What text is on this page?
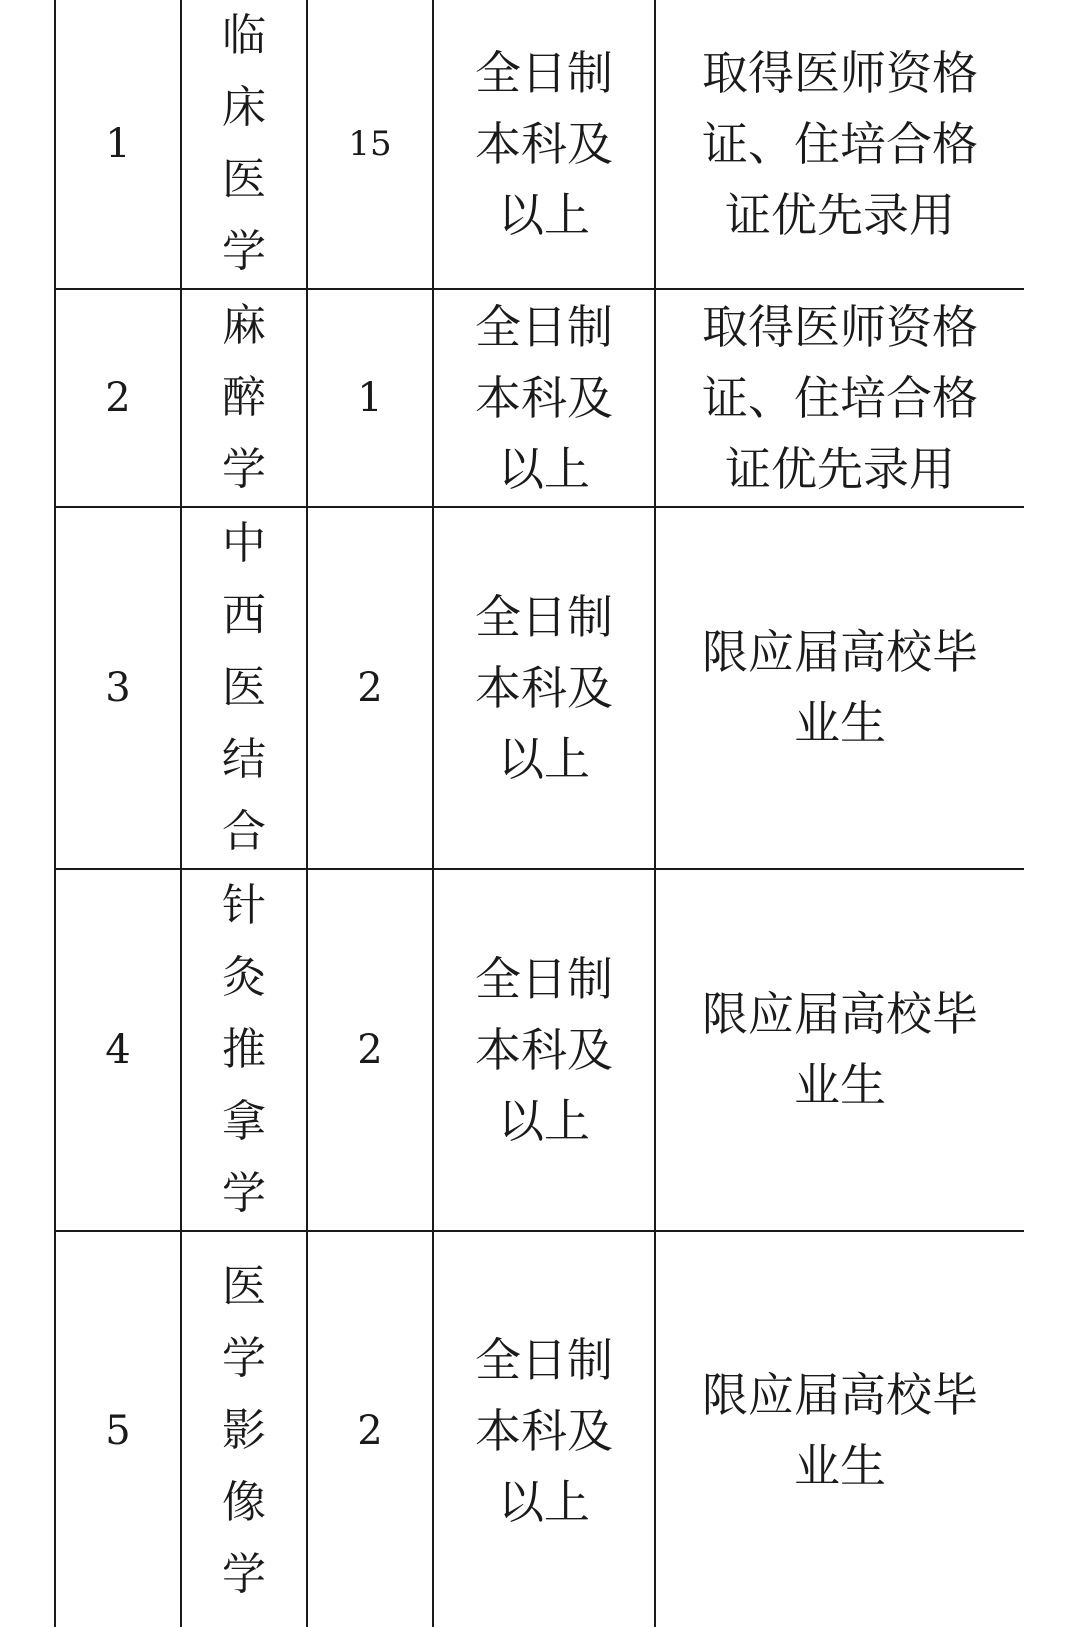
1	临床医学	15	全日制本科及以上	取得医师资格证、住培合格证优先录用

2	麻醉学	1	全日制本科及以上	取得医师资格证、住培合格证优先录用

3	中西医结合	2	全日制本科及以上	限应届高校毕业生

4	针灸推拿学	2	全日制本科及以上	限应届高校毕业生

5	医学影像学	2	全日制本科及以上	限应届高校毕业生
